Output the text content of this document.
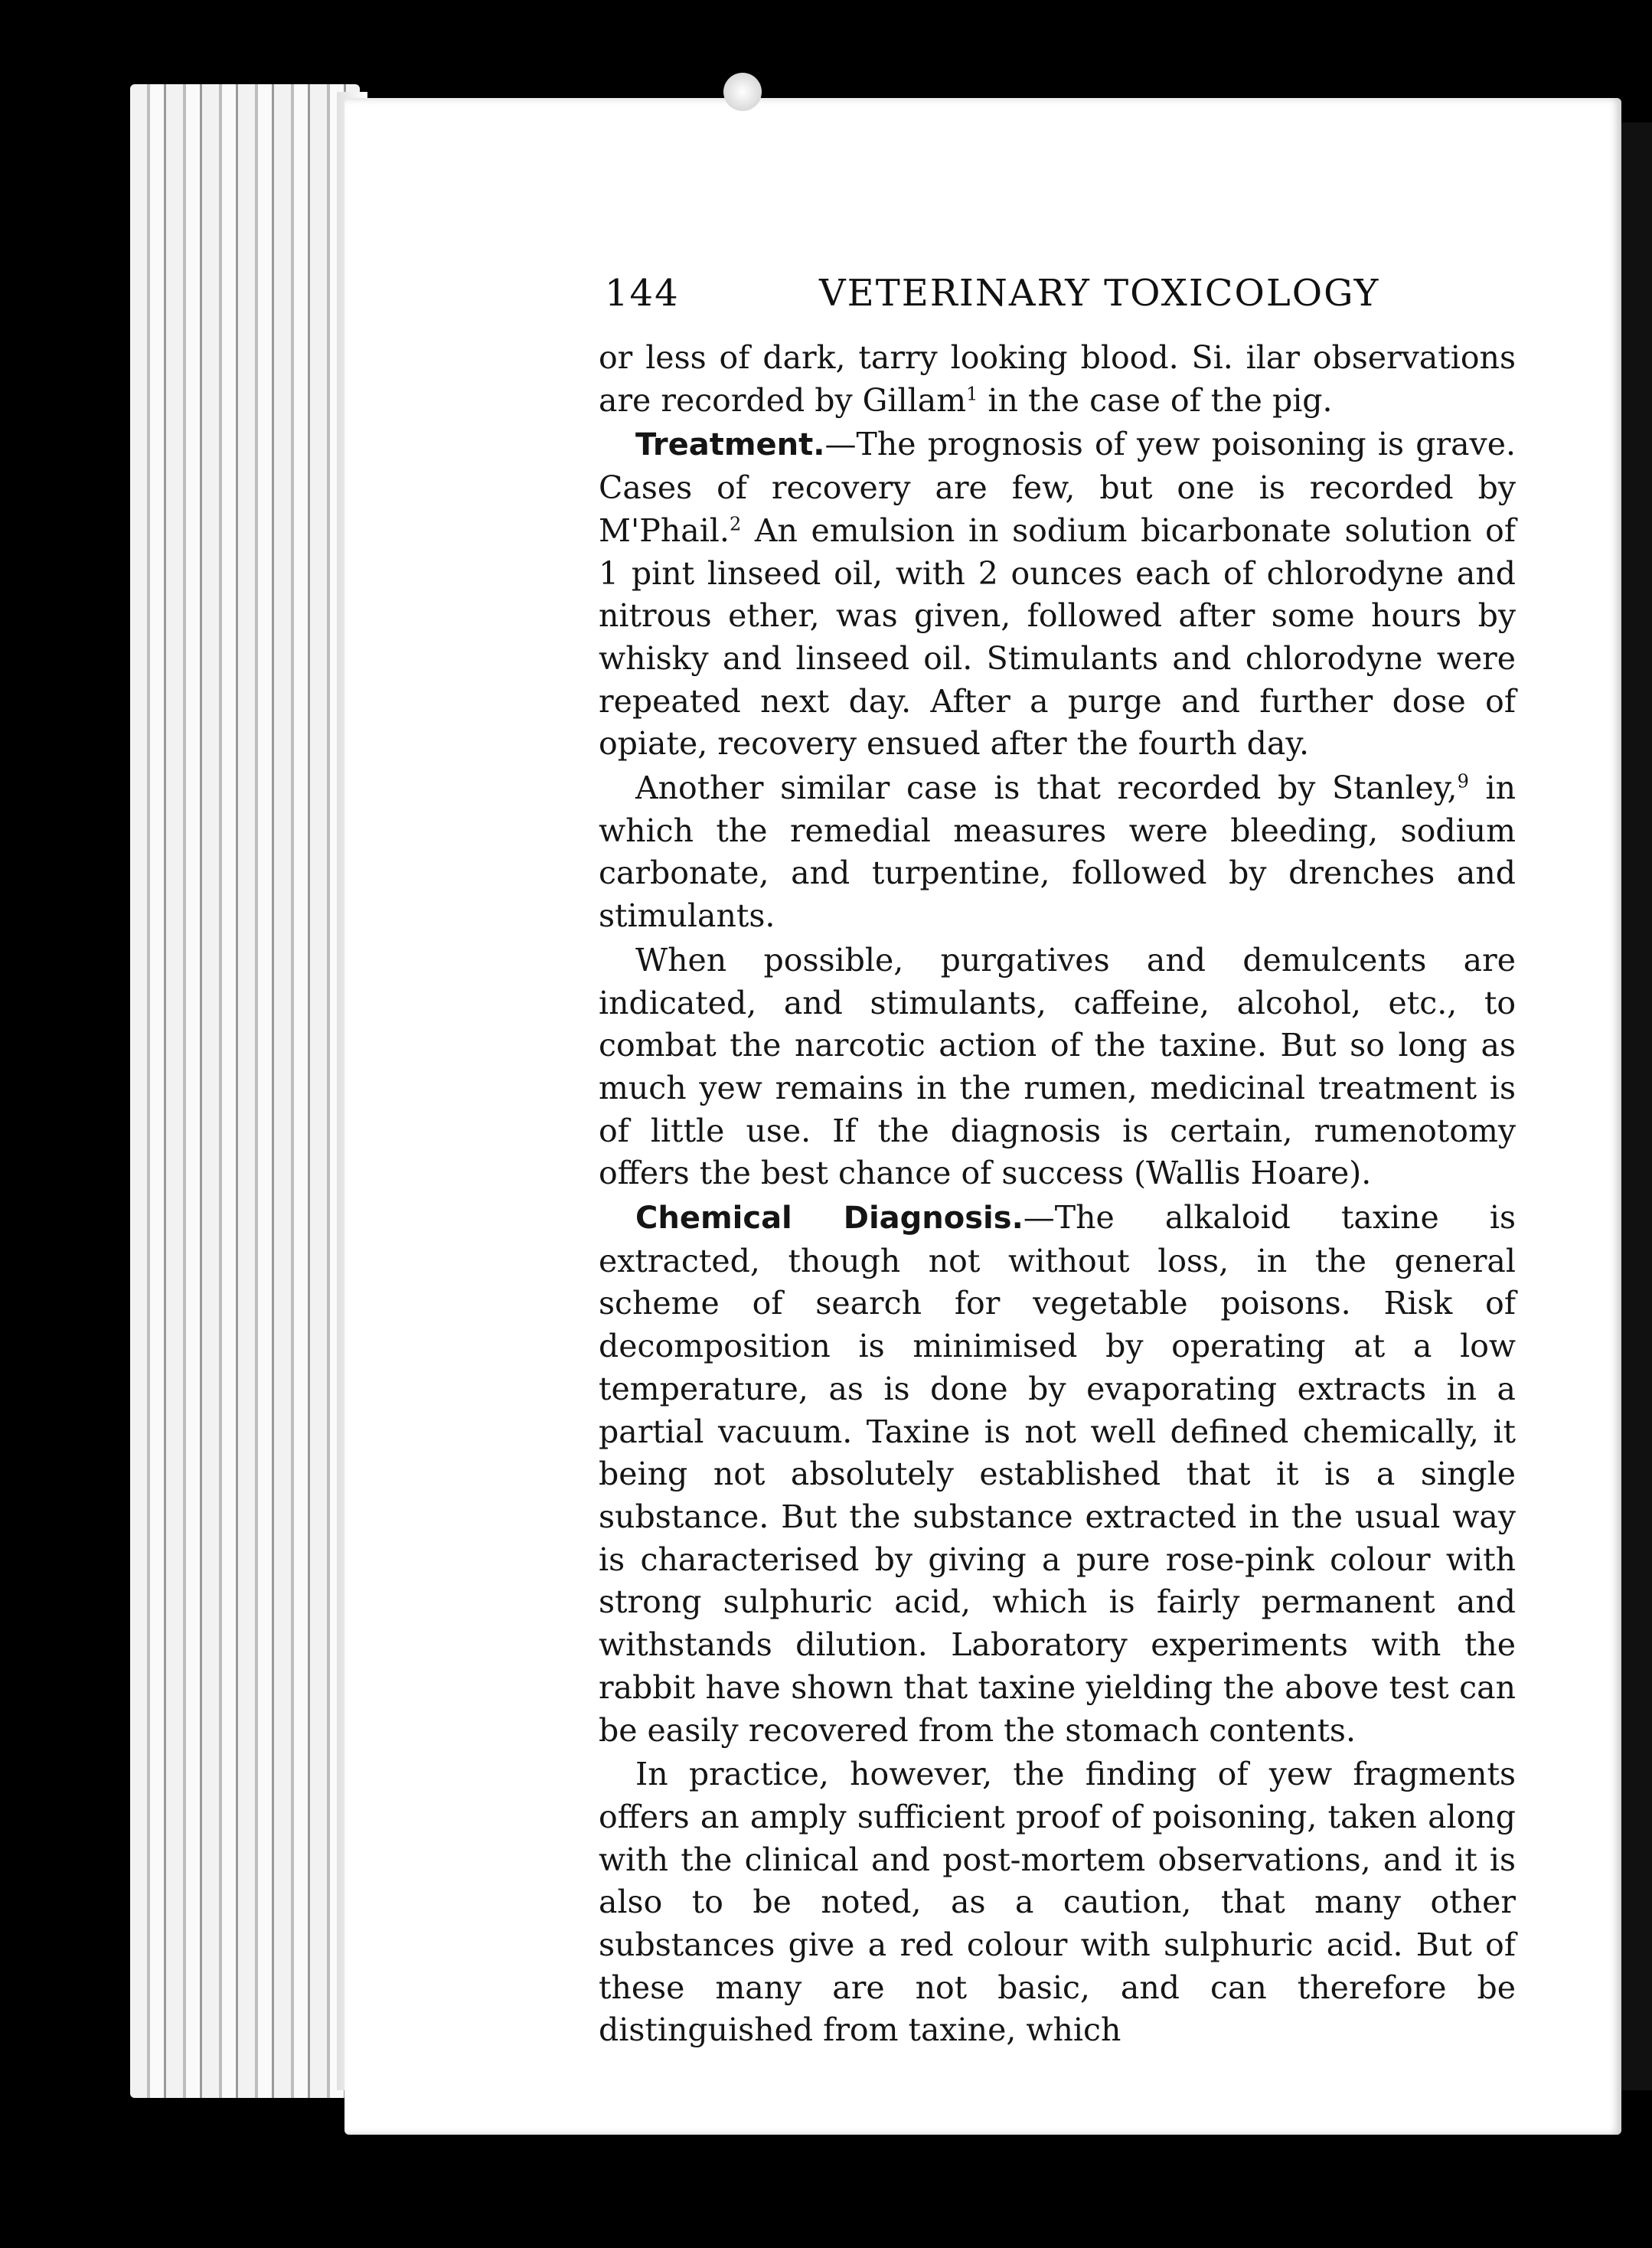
144	VETERINARY TOXICOLOGY

or less of dark, tarry looking blood. Si. ilar observations are recorded by Gillam$^1$ in the case of the pig.

Treatment.—The prognosis of yew poisoning is grave. Cases of recovery are few, but one is recorded by M'Phail.$^2$ An emulsion in sodium bicarbonate solution of 1 pint linseed oil, with 2 ounces each of chlorodyne and nitrous ether, was given, followed after some hours by whisky and linseed oil. Stimulants and chlorodyne were repeated next day. After a purge and further dose of opiate, recovery ensued after the fourth day.

Another similar case is that recorded by Stanley,$^9$ in which the remedial measures were bleeding, sodium carbonate, and turpentine, followed by drenches and stimulants.

When possible, purgatives and demulcents are indicated, and stimulants, caffeine, alcohol, etc., to combat the narcotic action of the taxine. But so long as much yew remains in the rumen, medicinal treatment is of little use. If the diagnosis is certain, rumenotomy offers the best chance of success (Wallis Hoare).

Chemical Diagnosis.—The alkaloid taxine is extracted, though not without loss, in the general scheme of search for vegetable poisons. Risk of decomposition is minimised by operating at a low temperature, as is done by evaporating extracts in a partial vacuum. Taxine is not well defined chemically, it being not absolutely established that it is a single substance. But the substance extracted in the usual way is characterised by giving a pure rose-pink colour with strong sulphuric acid, which is fairly permanent and withstands dilution. Laboratory experiments with the rabbit have shown that taxine yielding the above test can be easily recovered from the stomach contents.

In practice, however, the finding of yew fragments offers an amply sufficient proof of poisoning, taken along with the clinical and post-mortem observations, and it is also to be noted, as a caution, that many other substances give a red colour with sulphuric acid. But of these many are not basic, and can therefore be distinguished from taxine, which
